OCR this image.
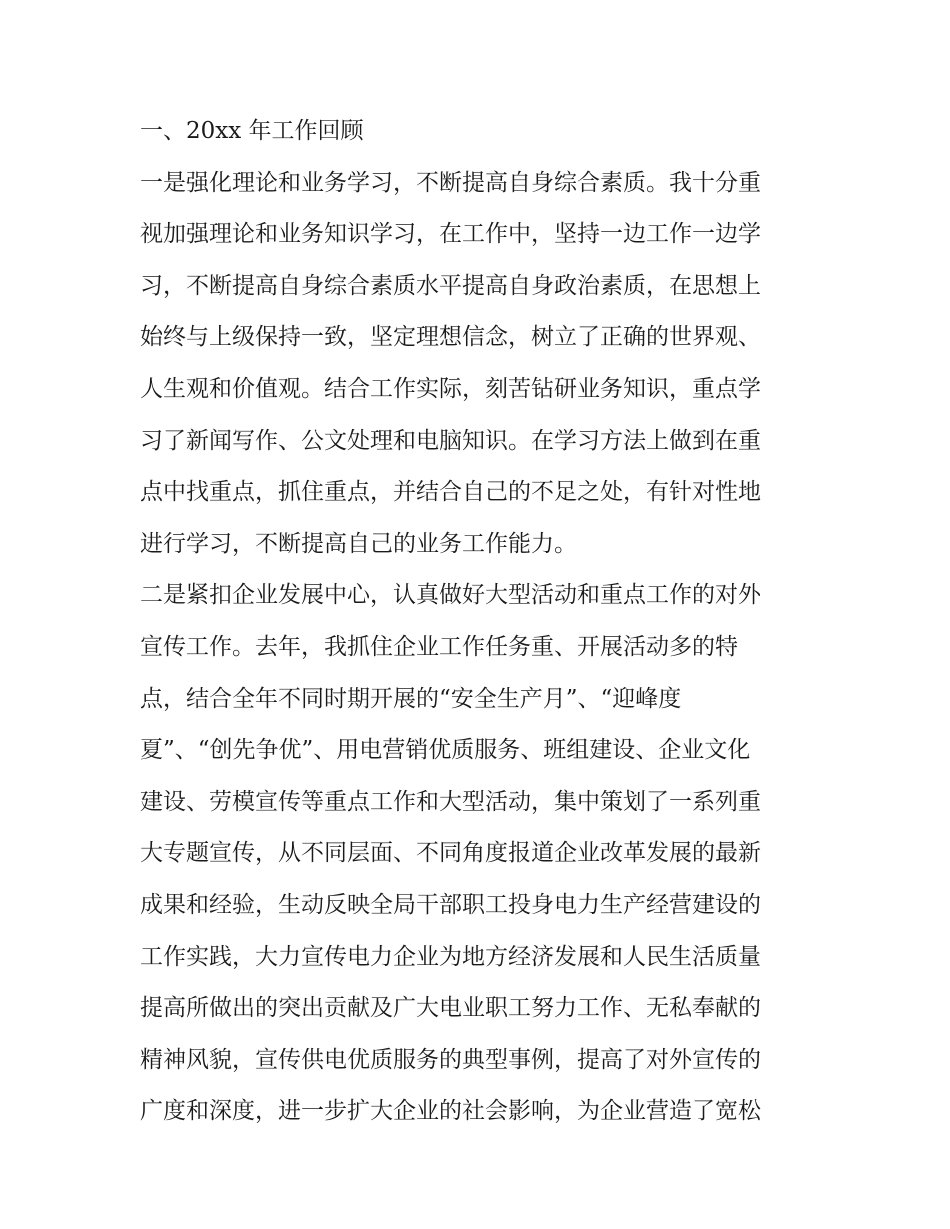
一、20xx 年工作回顾
一是强化理论和业务学习，不断提高自身综合素质。我十分重
视加强理论和业务知识学习，在工作中，坚持一边工作一边学
习，不断提高自身综合素质水平提高自身政治素质，在思想上
始终与上级保持一致，坚定理想信念，树立了正确的世界观、
人生观和价值观。结合工作实际，刻苦钻研业务知识，重点学
习了新闻写作、公文处理和电脑知识。在学习方法上做到在重
点中找重点，抓住重点，并结合自己的不足之处，有针对性地
进行学习，不断提高自己的业务工作能力。
二是紧扣企业发展中心，认真做好大型活动和重点工作的对外
宣传工作。去年，我抓住企业工作任务重、开展活动多的特
点，结合全年不同时期开展的“安全生产月”、“迎峰度
夏”、“创先争优”、用电营销优质服务、班组建设、企业文化
建设、劳模宣传等重点工作和大型活动，集中策划了一系列重
大专题宣传，从不同层面、不同角度报道企业改革发展的最新
成果和经验，生动反映全局干部职工投身电力生产经营建设的
工作实践，大力宣传电力企业为地方经济发展和人民生活质量
提高所做出的突出贡献及广大电业职工努力工作、无私奉献的
精神风貌，宣传供电优质服务的典型事例，提高了对外宣传的
广度和深度，进一步扩大企业的社会影响，为企业营造了宽松
